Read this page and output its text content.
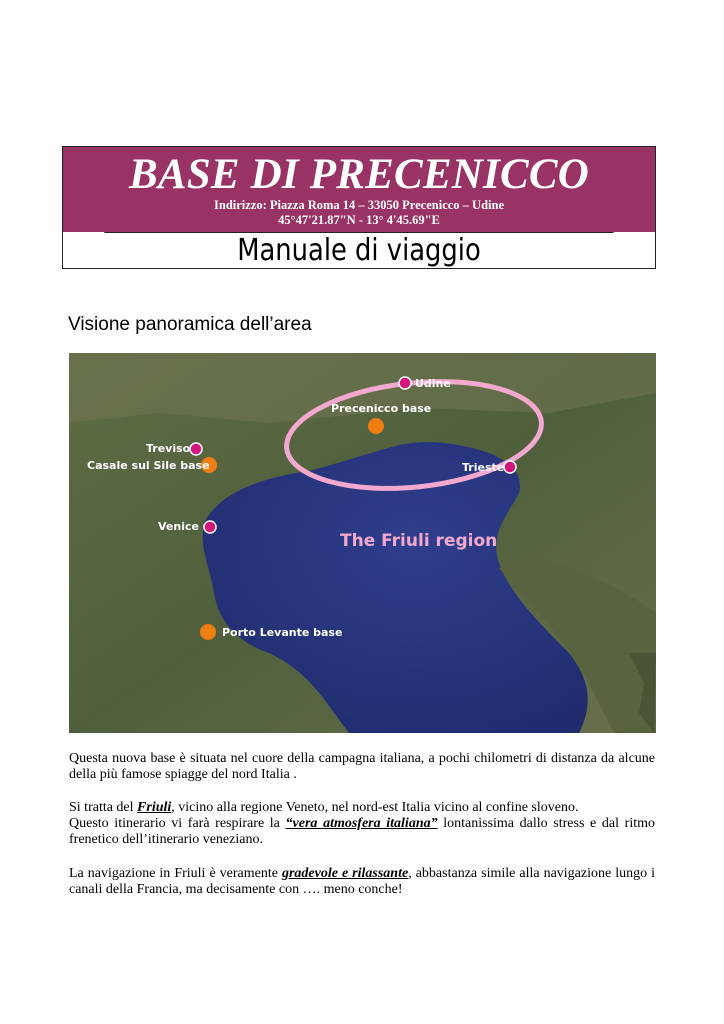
BASE DI PRECENICCO
Indirizzo: Piazza Roma 14 – 33050 Precenicco – Udine
45°47'21.87"N - 13° 4'45.69"E
Manuale di viaggio
Visione panoramica dell’area
Udine
Precenicco base
Treviso
Casale sul Sile base	Trieste
Venice
The Friuli region
Porto Levante base
Questa nuova base è situata nel cuore della campagna italiana, a pochi chilometri di distanza da alcune della più famose spiagge del nord Italia .
Si tratta del Friuli, vicino alla regione Veneto, nel nord-est Italia vicino al confine sloveno.
Questo itinerario vi farà respirare la “vera atmosfera italiana” lontanissima dallo stress e dal ritmo frenetico dell’itinerario veneziano.
La navigazione in Friuli è veramente gradevole e rilassante, abbastanza simile alla navigazione lungo i canali della Francia, ma decisamente con …. meno conche!
